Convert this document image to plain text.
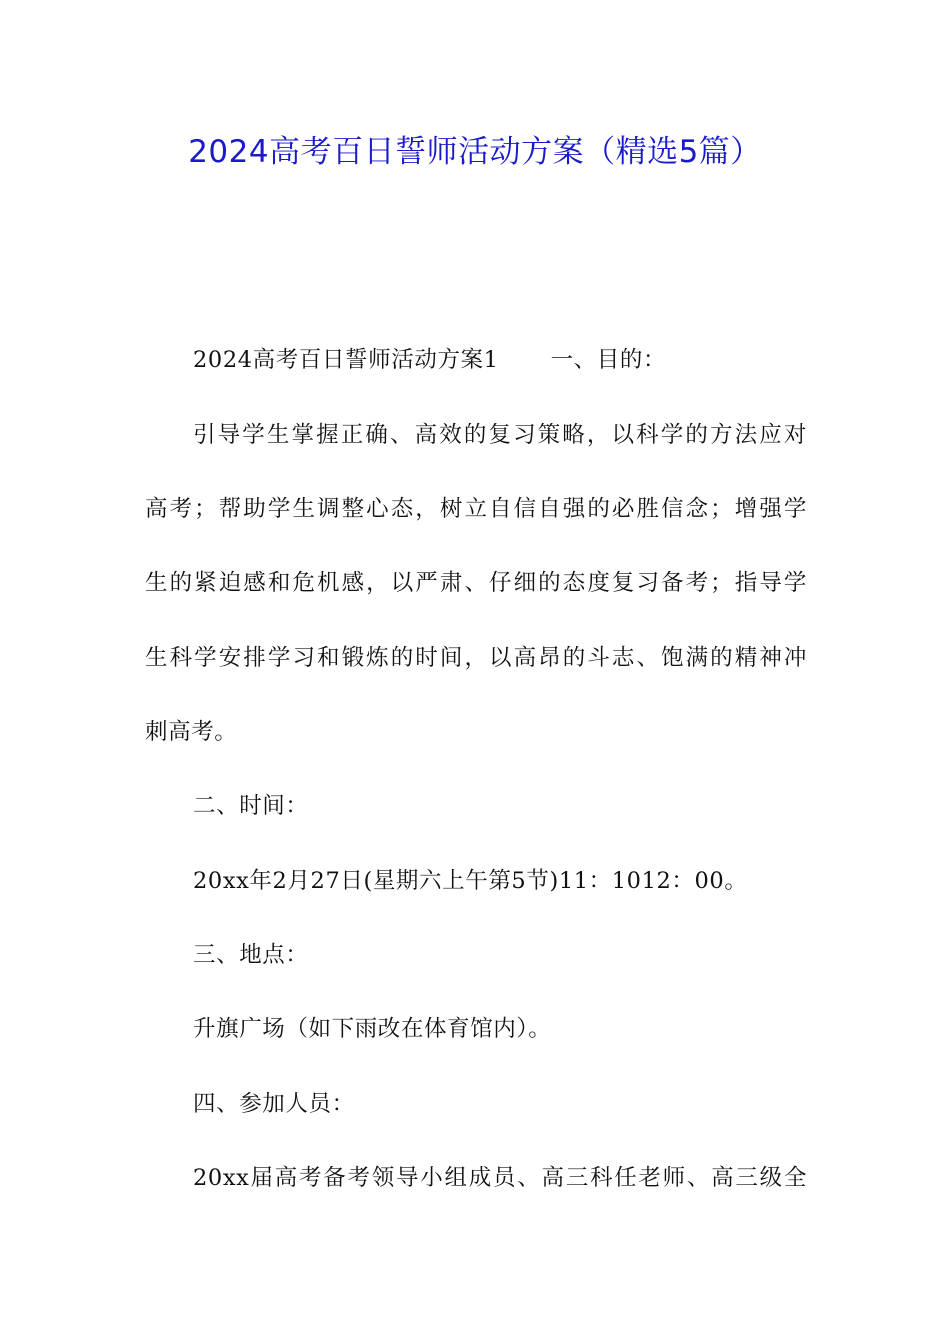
2024高考百日誓师活动方案（精选5篇）
2024高考百日誓师活动方案1 一、目的：
引导学生掌握正确、高效的复习策略，以科学的方法应对
高考；帮助学生调整心态，树立自信自强的必胜信念；增强学
生的紧迫感和危机感，以严肃、仔细的态度复习备考；指导学
生科学安排学习和锻炼的时间，以高昂的斗志、饱满的精神冲
刺高考。
二、时间：
20xx年2月27日(星期六上午第5节)11：1012：00。
三、地点：
升旗广场（如下雨改在体育馆内）。
四、参加人员：
20xx届高考备考领导小组成员、高三科任老师、高三级全
